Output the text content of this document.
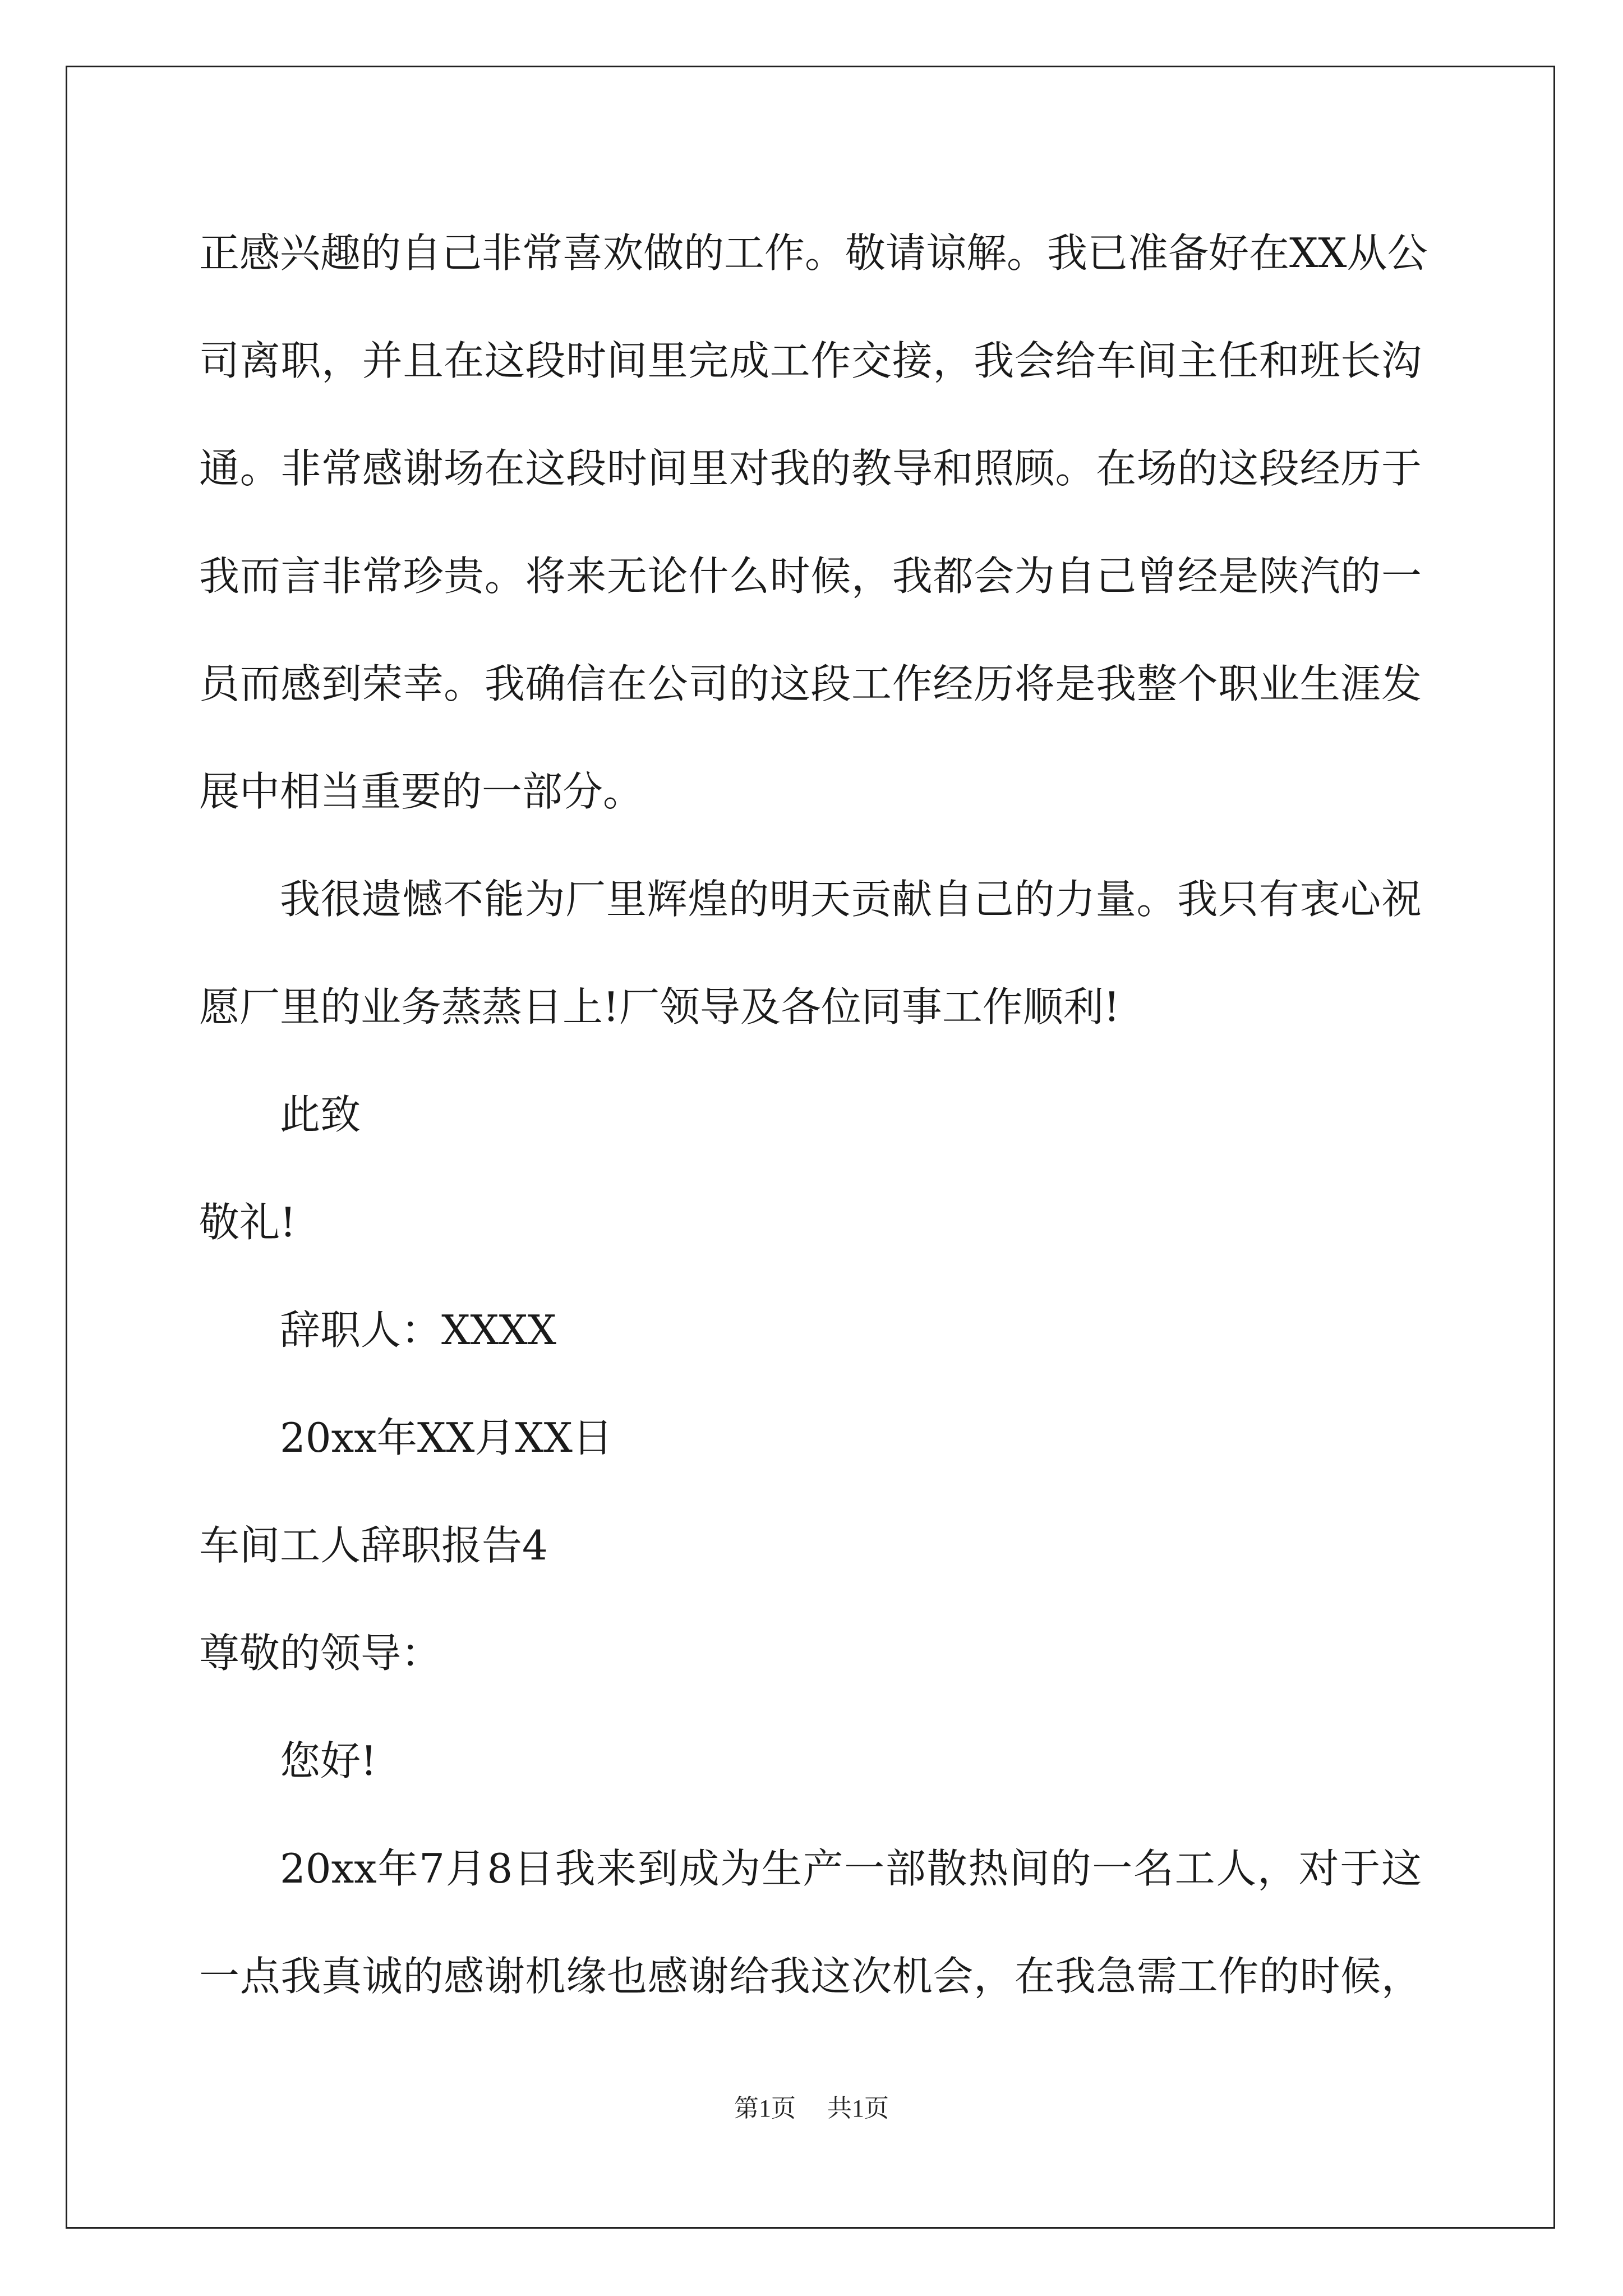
正感兴趣的自己非常喜欢做的工作。敬请谅解。我已准备好在XX从公
司离职，并且在这段时间里完成工作交接，我会给车间主任和班长沟
通。非常感谢场在这段时间里对我的教导和照顾。在场的这段经历于
我而言非常珍贵。将来无论什么时候，我都会为自己曾经是陕汽的一
员而感到荣幸。我确信在公司的这段工作经历将是我整个职业生涯发
展中相当重要的一部分。
我很遗憾不能为厂里辉煌的明天贡献自己的力量。我只有衷心祝
愿厂里的业务蒸蒸日上!厂领导及各位同事工作顺利!
此致
敬礼!
辞职人：XXXX
20xx年XX月XX日
车间工人辞职报告4
尊敬的领导：
您好!
20xx年7月8日我来到成为生产一部散热间的一名工人，对于这
一点我真诚的感谢机缘也感谢给我这次机会，在我急需工作的时候，
第1页 共1页
